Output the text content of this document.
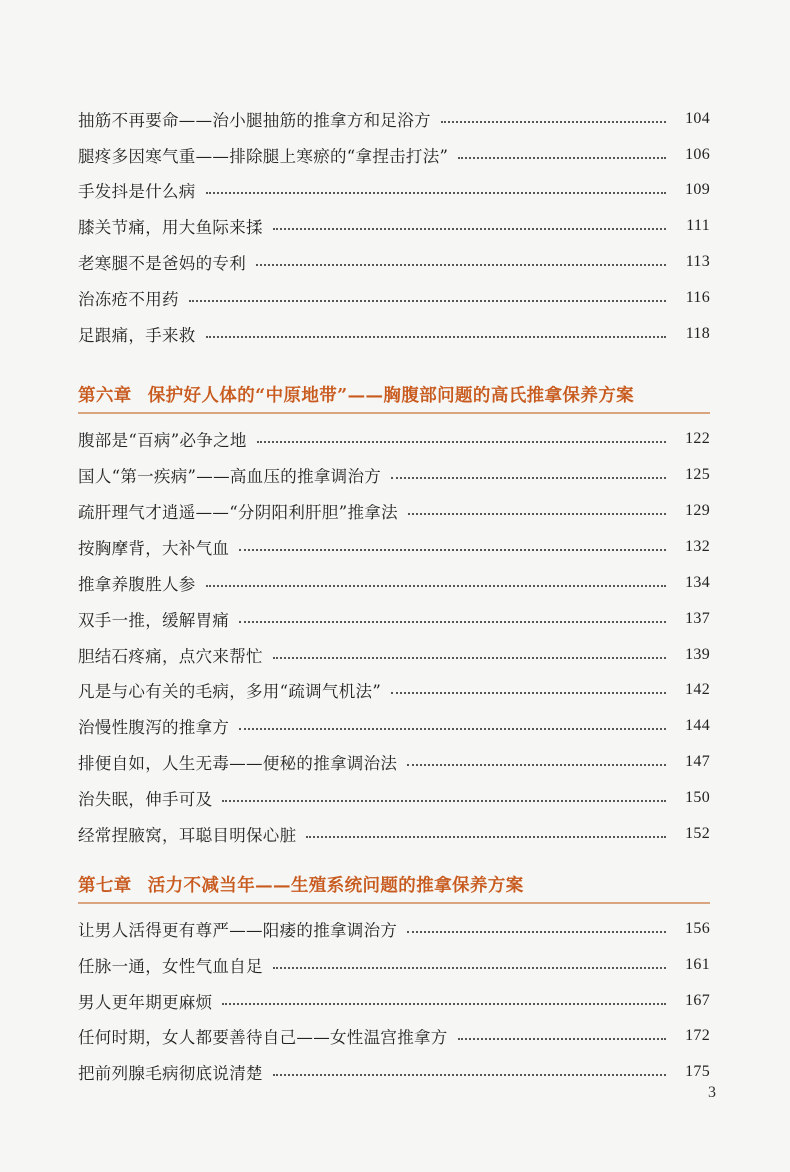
抽筋不再要命——治小腿抽筋的推拿方和足浴方	104
腿疼多因寒气重——排除腿上寒瘀的“拿捏击打法”	106
手发抖是什么病	109
膝关节痛，用大鱼际来揉	111
老寒腿不是爸妈的专利	113
治冻疮不用药	116
足跟痛，手来救	118
第六章 保护好人体的“中原地带”——胸腹部问题的高氏推拿保养方案
腹部是“百病”必争之地	122
国人“第一疾病”——高血压的推拿调治方	125
疏肝理气才逍遥——“分阴阳利肝胆”推拿法	129
按胸摩背，大补气血	132
推拿养腹胜人参	134
双手一推，缓解胃痛	137
胆结石疼痛，点穴来帮忙	139
凡是与心有关的毛病，多用“疏调气机法”	142
治慢性腹泻的推拿方	144
排便自如，人生无毒——便秘的推拿调治法	147
治失眠，伸手可及	150
经常捏腋窝，耳聪目明保心脏	152
第七章 活力不减当年——生殖系统问题的推拿保养方案
让男人活得更有尊严——阳痿的推拿调治方	156
任脉一通，女性气血自足	161
男人更年期更麻烦	167
任何时期，女人都要善待自己——女性温宫推拿方	172
把前列腺毛病彻底说清楚	175
3
